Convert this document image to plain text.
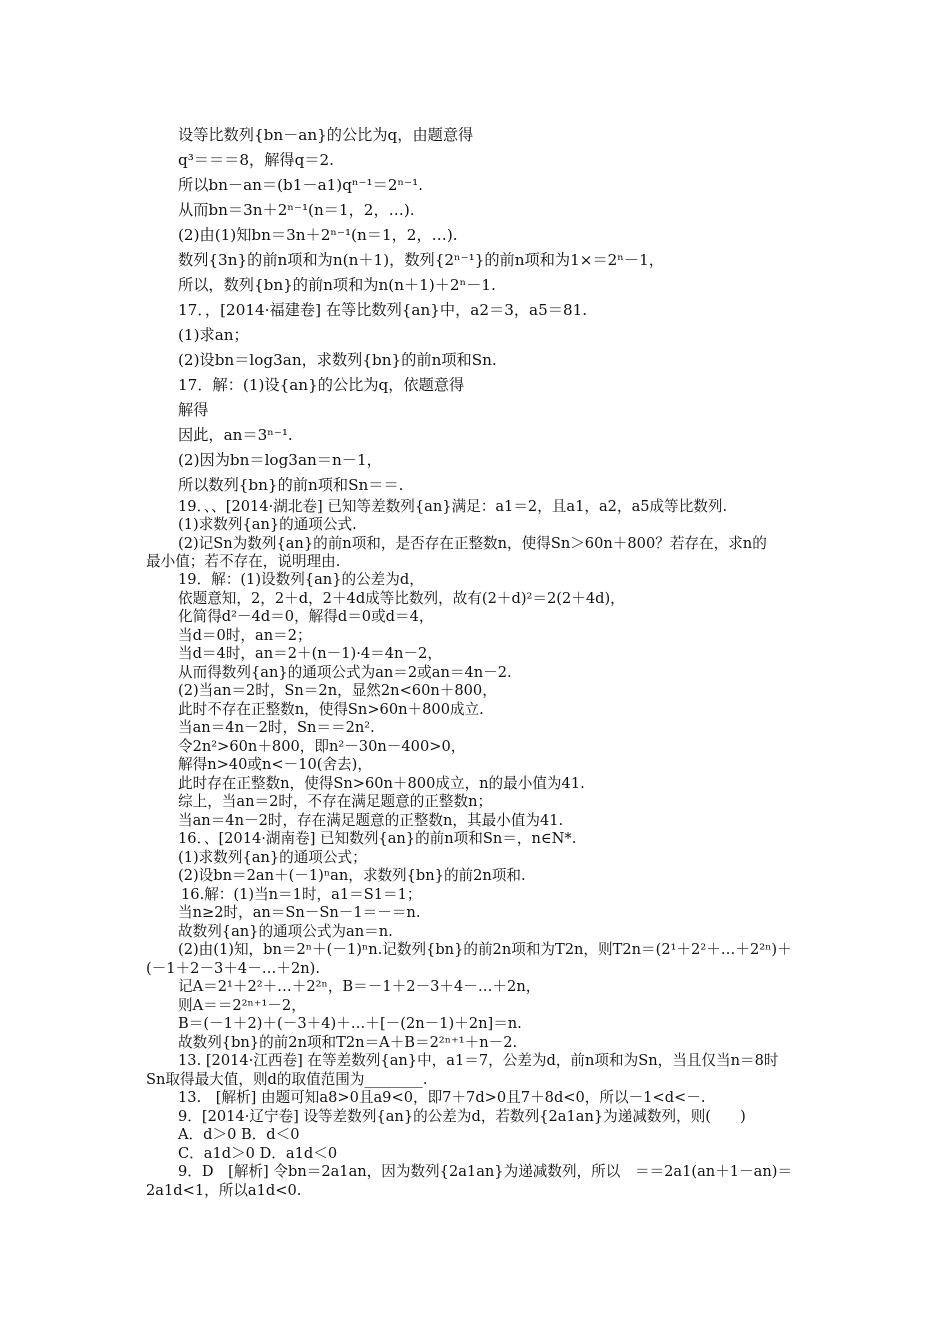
设等比数列{bn－an}的公比为q，由题意得
q³＝＝＝8，解得q＝2.
所以bn－an＝(b1－a1)qⁿ⁻¹＝2ⁿ⁻¹.
从而bn＝3n＋2ⁿ⁻¹(n＝1，2，…).
(2)由(1)知bn＝3n＋2ⁿ⁻¹(n＝1，2，…).
数列{3n}的前n项和为n(n＋1)，数列{2ⁿ⁻¹}的前n项和为1×＝2ⁿ－1，
所以，数列{bn}的前n项和为n(n＋1)＋2ⁿ－1.
17．，[2014·福建卷] 在等比数列{an}中，a2＝3，a5＝81.
(1)求an；
(2)设bn＝log3an，求数列{bn}的前n项和Sn.
17．解：(1)设{an}的公比为q，依题意得
解得
因此，an＝3ⁿ⁻¹.
(2)因为bn＝log3an＝n－1，
所以数列{bn}的前n项和Sn＝＝.
19．、、[2014·湖北卷] 已知等差数列{an}满足：a1＝2，且a1，a2，a5成等比数列.
(1)求数列{an}的通项公式.
(2)记Sn为数列{an}的前n项和，是否存在正整数n，使得Sn＞60n＋800？若存在，求n的
最小值；若不存在，说明理由.
19．解：(1)设数列{an}的公差为d，
依题意知，2，2＋d，2＋4d成等比数列，故有(2＋d)²＝2(2＋4d)，
化简得d²－4d＝0，解得d＝0或d＝4，
当d＝0时，an＝2；
当d＝4时，an＝2＋(n－1)·4＝4n－2，
从而得数列{an}的通项公式为an＝2或an＝4n－2.
(2)当an＝2时，Sn＝2n，显然2n<60n＋800，
此时不存在正整数n，使得Sn>60n＋800成立.
当an＝4n－2时，Sn＝＝2n².
令2n²>60n＋800，即n²－30n－400>0，
解得n>40或n<－10(舍去)，
此时存在正整数n，使得Sn>60n＋800成立，n的最小值为41.
综上，当an＝2时，不存在满足题意的正整数n；
当an＝4n－2时，存在满足题意的正整数n，其最小值为41.
16．、[2014·湖南卷] 已知数列{an}的前n项和Sn＝，n∈N*.
(1)求数列{an}的通项公式；
(2)设bn＝2an＋(－1)ⁿan，求数列{bn}的前2n项和.
16.解：(1)当n＝1时，a1＝S1＝1；
当n≥2时，an＝Sn－Sn－1＝－＝n.
故数列{an}的通项公式为an＝n.
(2)由(1)知，bn＝2ⁿ＋(－1)ⁿn.记数列{bn}的前2n项和为T2n，则T2n＝(2¹＋2²＋…＋2²ⁿ)＋
(－1＋2－3＋4－…＋2n).
记A＝2¹＋2²＋…＋2²ⁿ，B＝－1＋2－3＋4－…＋2n，
则A＝＝2²ⁿ⁺¹－2，
B＝(－1＋2)＋(－3＋4)＋…＋[－(2n－1)＋2n]＝n.
故数列{bn}的前2n项和T2n＝A＋B＝2²ⁿ⁺¹＋n－2.
13. [2014·江西卷] 在等差数列{an}中，a1＝7，公差为d，前n项和为Sn，当且仅当n＝8时
Sn取得最大值，则d的取值范围为________.
13.　[解析] 由题可知a8>0且a9<0，即7＋7d>0且7＋8d<0，所以－1<d<－.
9．[2014·辽宁卷] 设等差数列{an}的公差为d，若数列{2a1an}为递减数列，则(　　)
A．d＞0 B．d＜0
C．a1d＞0 D．a1d＜0
9．D　[解析] 令bn＝2a1an，因为数列{2a1an}为递减数列，所以　＝＝2a1(an＋1－an)＝
2a1d<1，所以a1d<0.
